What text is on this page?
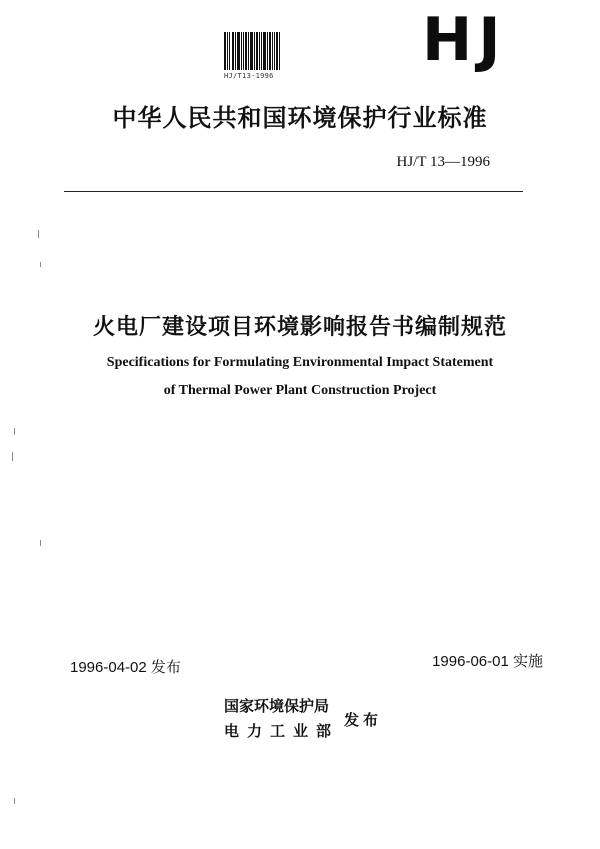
HJ/T13-1996
HJ
中华人民共和国环境保护行业标准
HJ/T 13—1996
火电厂建设项目环境影响报告书编制规范
Specifications for Formulating Environmental Impact Statement
of Thermal Power Plant Construction Project
1996-04-02 发布	1996-06-01 实施
国家环境保护局
电力工业部
发布
